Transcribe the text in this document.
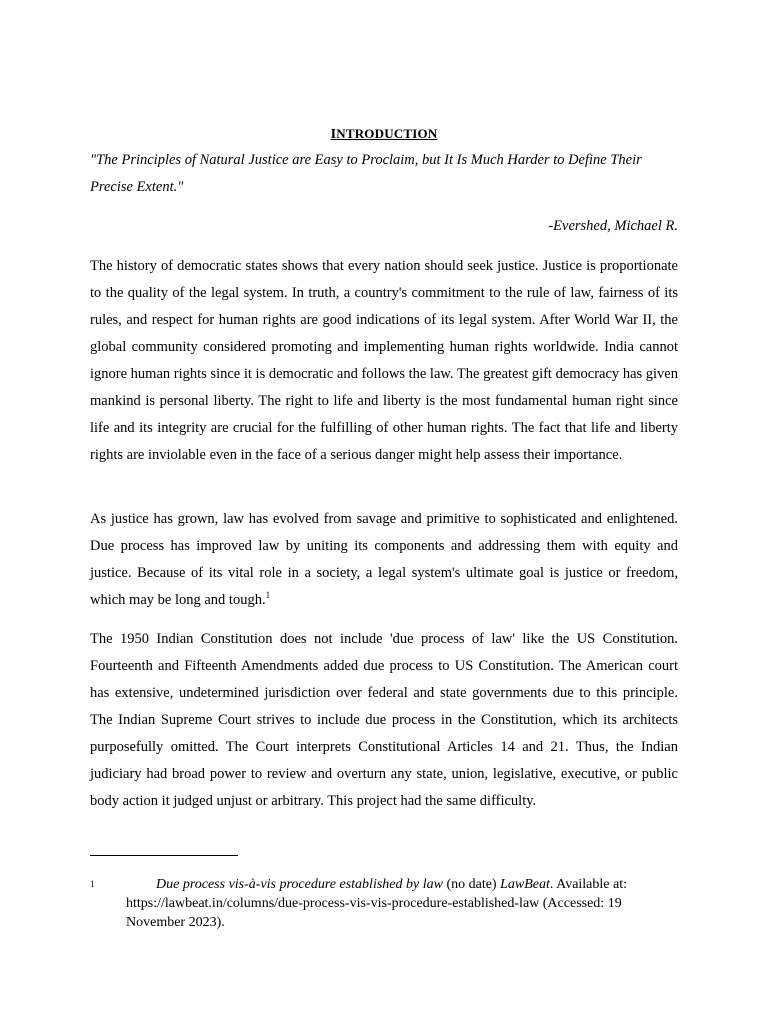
INTRODUCTION
"The Principles of Natural Justice are Easy to Proclaim, but It Is Much Harder to Define Their Precise Extent."
-Evershed, Michael R.

The history of democratic states shows that every nation should seek justice. Justice is proportionate to the quality of the legal system. In truth, a country's commitment to the rule of law, fairness of its rules, and respect for human rights are good indications of its legal system. After World War II, the global community considered promoting and implementing human rights worldwide. India cannot ignore human rights since it is democratic and follows the law. The greatest gift democracy has given mankind is personal liberty. The right to life and liberty is the most fundamental human right since life and its integrity are crucial for the fulfilling of other human rights. The fact that life and liberty rights are inviolable even in the face of a serious danger might help assess their importance.

As justice has grown, law has evolved from savage and primitive to sophisticated and enlightened. Due process has improved law by uniting its components and addressing them with equity and justice. Because of its vital role in a society, a legal system's ultimate goal is justice or freedom, which may be long and tough.$^1$

The 1950 Indian Constitution does not include 'due process of law' like the US Constitution. Fourteenth and Fifteenth Amendments added due process to US Constitution. The American court has extensive, undetermined jurisdiction over federal and state governments due to this principle. The Indian Supreme Court strives to include due process in the Constitution, which its architects purposefully omitted. The Court interprets Constitutional Articles 14 and 21. Thus, the Indian judiciary had broad power to review and overturn any state, union, legislative, executive, or public body action it judged unjust or arbitrary. This project had the same difficulty.

1	Due process vis-à-vis procedure established by law (no date) LawBeat. Available at: https://lawbeat.in/columns/due-process-vis-vis-procedure-established-law (Accessed: 19 November 2023).
